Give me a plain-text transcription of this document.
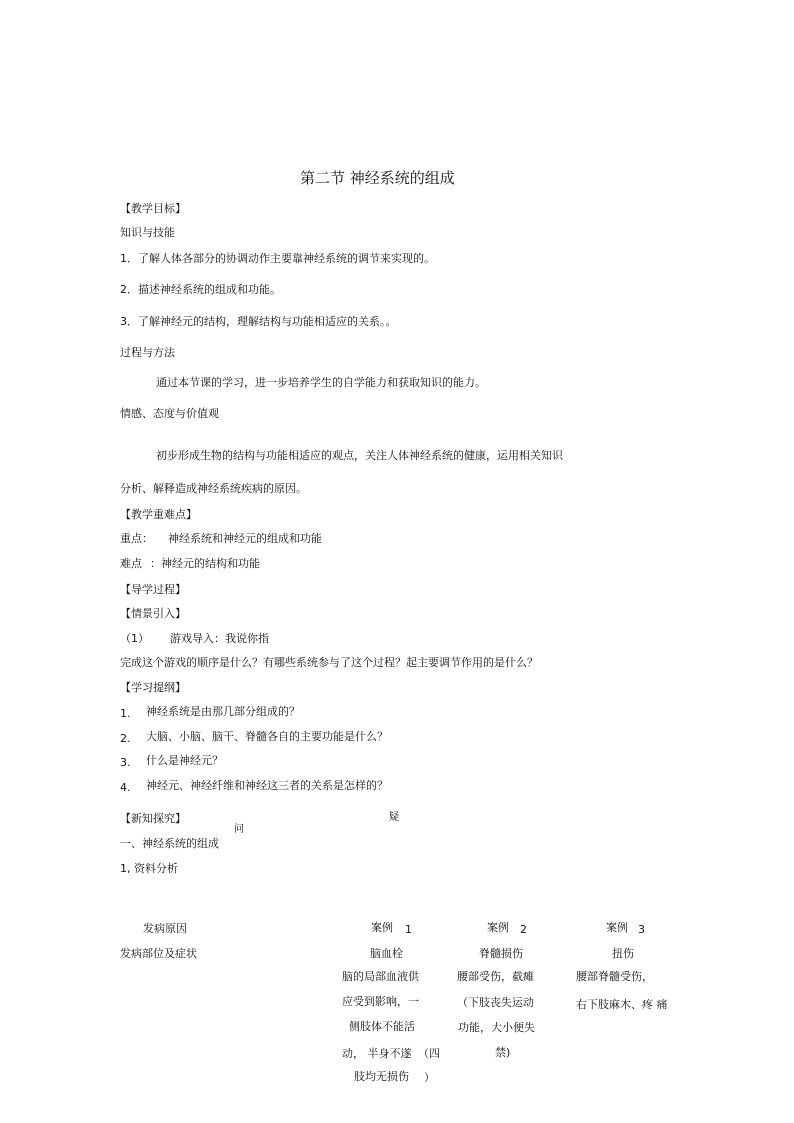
第二节 神经系统的组成
【教学目标】
知识与技能
1．了解人体各部分的协调动作主要靠神经系统的调节来实现的。
2．描述神经系统的组成和功能。
3．了解神经元的结构，理解结构与功能相适应的关系。。
过程与方法
通过本节课的学习，进一步培养学生的自学能力和获取知识的能力。
情感、态度与价值观
初步形成生物的结构与功能相适应的观点，关注人体神经系统的健康，运用相关知识
分析、解释造成神经系统疾病的原因。
【教学重难点】
重点： 神经系统和神经元的组成和功能
难点 ：神经元的结构和功能
【导学过程】
【情景引入】
（1） 游戏导入：我说你指
完成这个游戏的顺序是什么？有哪些系统参与了这个过程？起主要调节作用的是什么？
【学习提纲】
1. 神经系统是由那几部分组成的？
2. 大脑、小脑、脑干、脊髓各自的主要功能是什么？
3. 什么是神经元？
4. 神经元、神经纤维和神经这三者的关系是怎样的？
【新知探究】
问
疑
一、神经系统的组成
1, 资料分析
发病原因
发病部位及症状
案例 1
脑血栓
脑的局部血液供
应受到影响，一
侧肢体不能活
动， 半身不遂 （四
肢均无损伤 ）
案例 2
脊髓损伤
腰部受伤，截瘫
（下肢丧失运动
功能，大小便失
禁)
案例 3
扭伤
腰部脊髓受伤，
右下肢麻木、疼 痛
